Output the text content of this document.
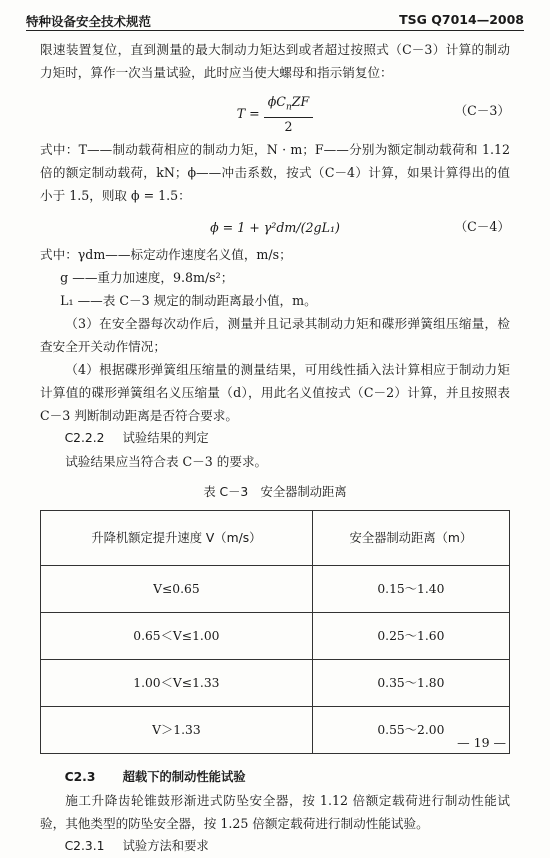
特种设备安全技术规范	TSG Q7014—2008

限速装置复位，直到测量的最大制动力矩达到或者超过按照式（C－3）计算的制动力矩时，算作一次当量试验，此时应当使大螺母和指示销复位：

$T = \frac{\phi C_nZF}{2}$	（C－3）

式中：T——制动载荷相应的制动力矩，N · m；F——分别为额定制动载荷和 1.12 倍的额定制动载荷，kN；ϕ——冲击系数，按式（C－4）计算，如果计算得出的值小于 1.5，则取 ϕ = 1.5：

ϕ = 1 + γ²dm/(2gL₁)	（C－4）

式中：γdm——标定动作速度名义值，m/s；

g ——重力加速度，9.8m/s²；

L₁ ——表 C－3 规定的制动距离最小值，m。

（3）在安全器每次动作后，测量并且记录其制动力矩和碟形弹簧组压缩量，检查安全开关动作情况；

（4）根据碟形弹簧组压缩量的测量结果，可用线性插入法计算相应于制动力矩计算值的碟形弹簧组名义压缩量（d），用此名义值按式（C－2）计算，并且按照表 C－3 判断制动距离是否符合要求。

C2.2.2 试验结果的判定

试验结果应当符合表 C－3 的要求。

表 C－3　安全器制动距离
升降机额定提升速度 V（m/s）	安全器制动距离（m）
V≤0.65	0.15～1.40
0.65＜V≤1.00	0.25～1.60
1.00＜V≤1.33	0.35～1.80
V＞1.33	0.55～2.00

C2.3 超载下的制动性能试验

施工升降齿轮锥鼓形渐进式防坠安全器，按 1.12 倍额定载荷进行制动性能试验，其他类型的防坠安全器，按 1.25 倍额定载荷进行制动性能试验。

C2.3.1 试验方法和要求

— 19 —
